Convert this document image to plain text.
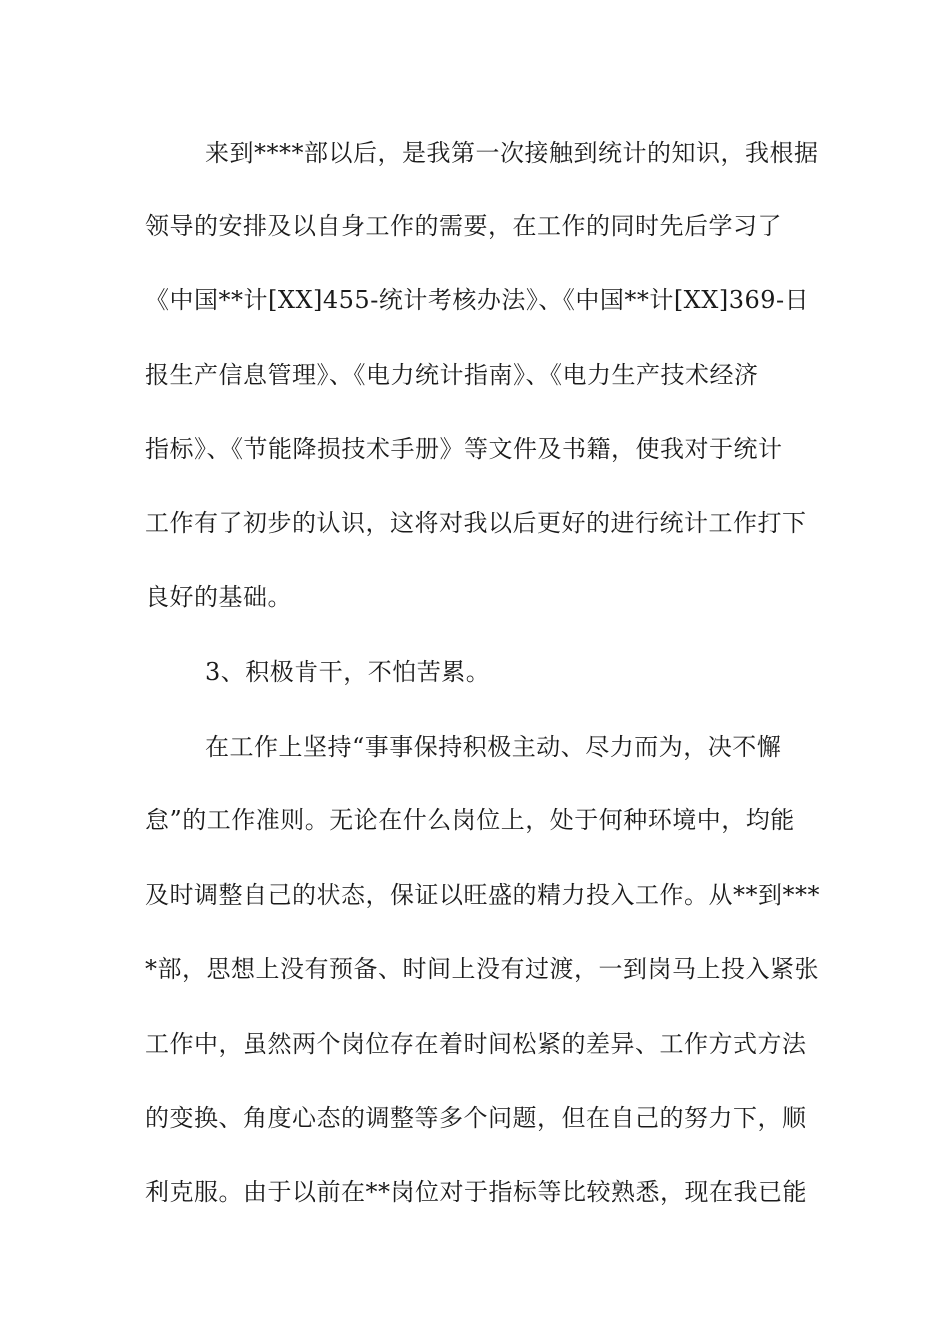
来到****部以后，是我第一次接触到统计的知识，我根据
领导的安排及以自身工作的需要，在工作的同时先后学习了
《中国**计[XX]455-统计考核办法》、《中国**计[XX]369-日
报生产信息管理》、《电力统计指南》、《电力生产技术经济
指标》、《节能降损技术手册》等文件及书籍，使我对于统计
工作有了初步的认识，这将对我以后更好的进行统计工作打下
良好的基础。
3、积极肯干，不怕苦累。
在工作上坚持“事事保持积极主动、尽力而为，决不懈
怠”的工作准则。无论在什么岗位上，处于何种环境中，均能
及时调整自己的状态，保证以旺盛的精力投入工作。从**到***
*部，思想上没有预备、时间上没有过渡，一到岗马上投入紧张
工作中，虽然两个岗位存在着时间松紧的差异、工作方式方法
的变换、角度心态的调整等多个问题，但在自己的努力下，顺
利克服。由于以前在**岗位对于指标等比较熟悉，现在我已能
